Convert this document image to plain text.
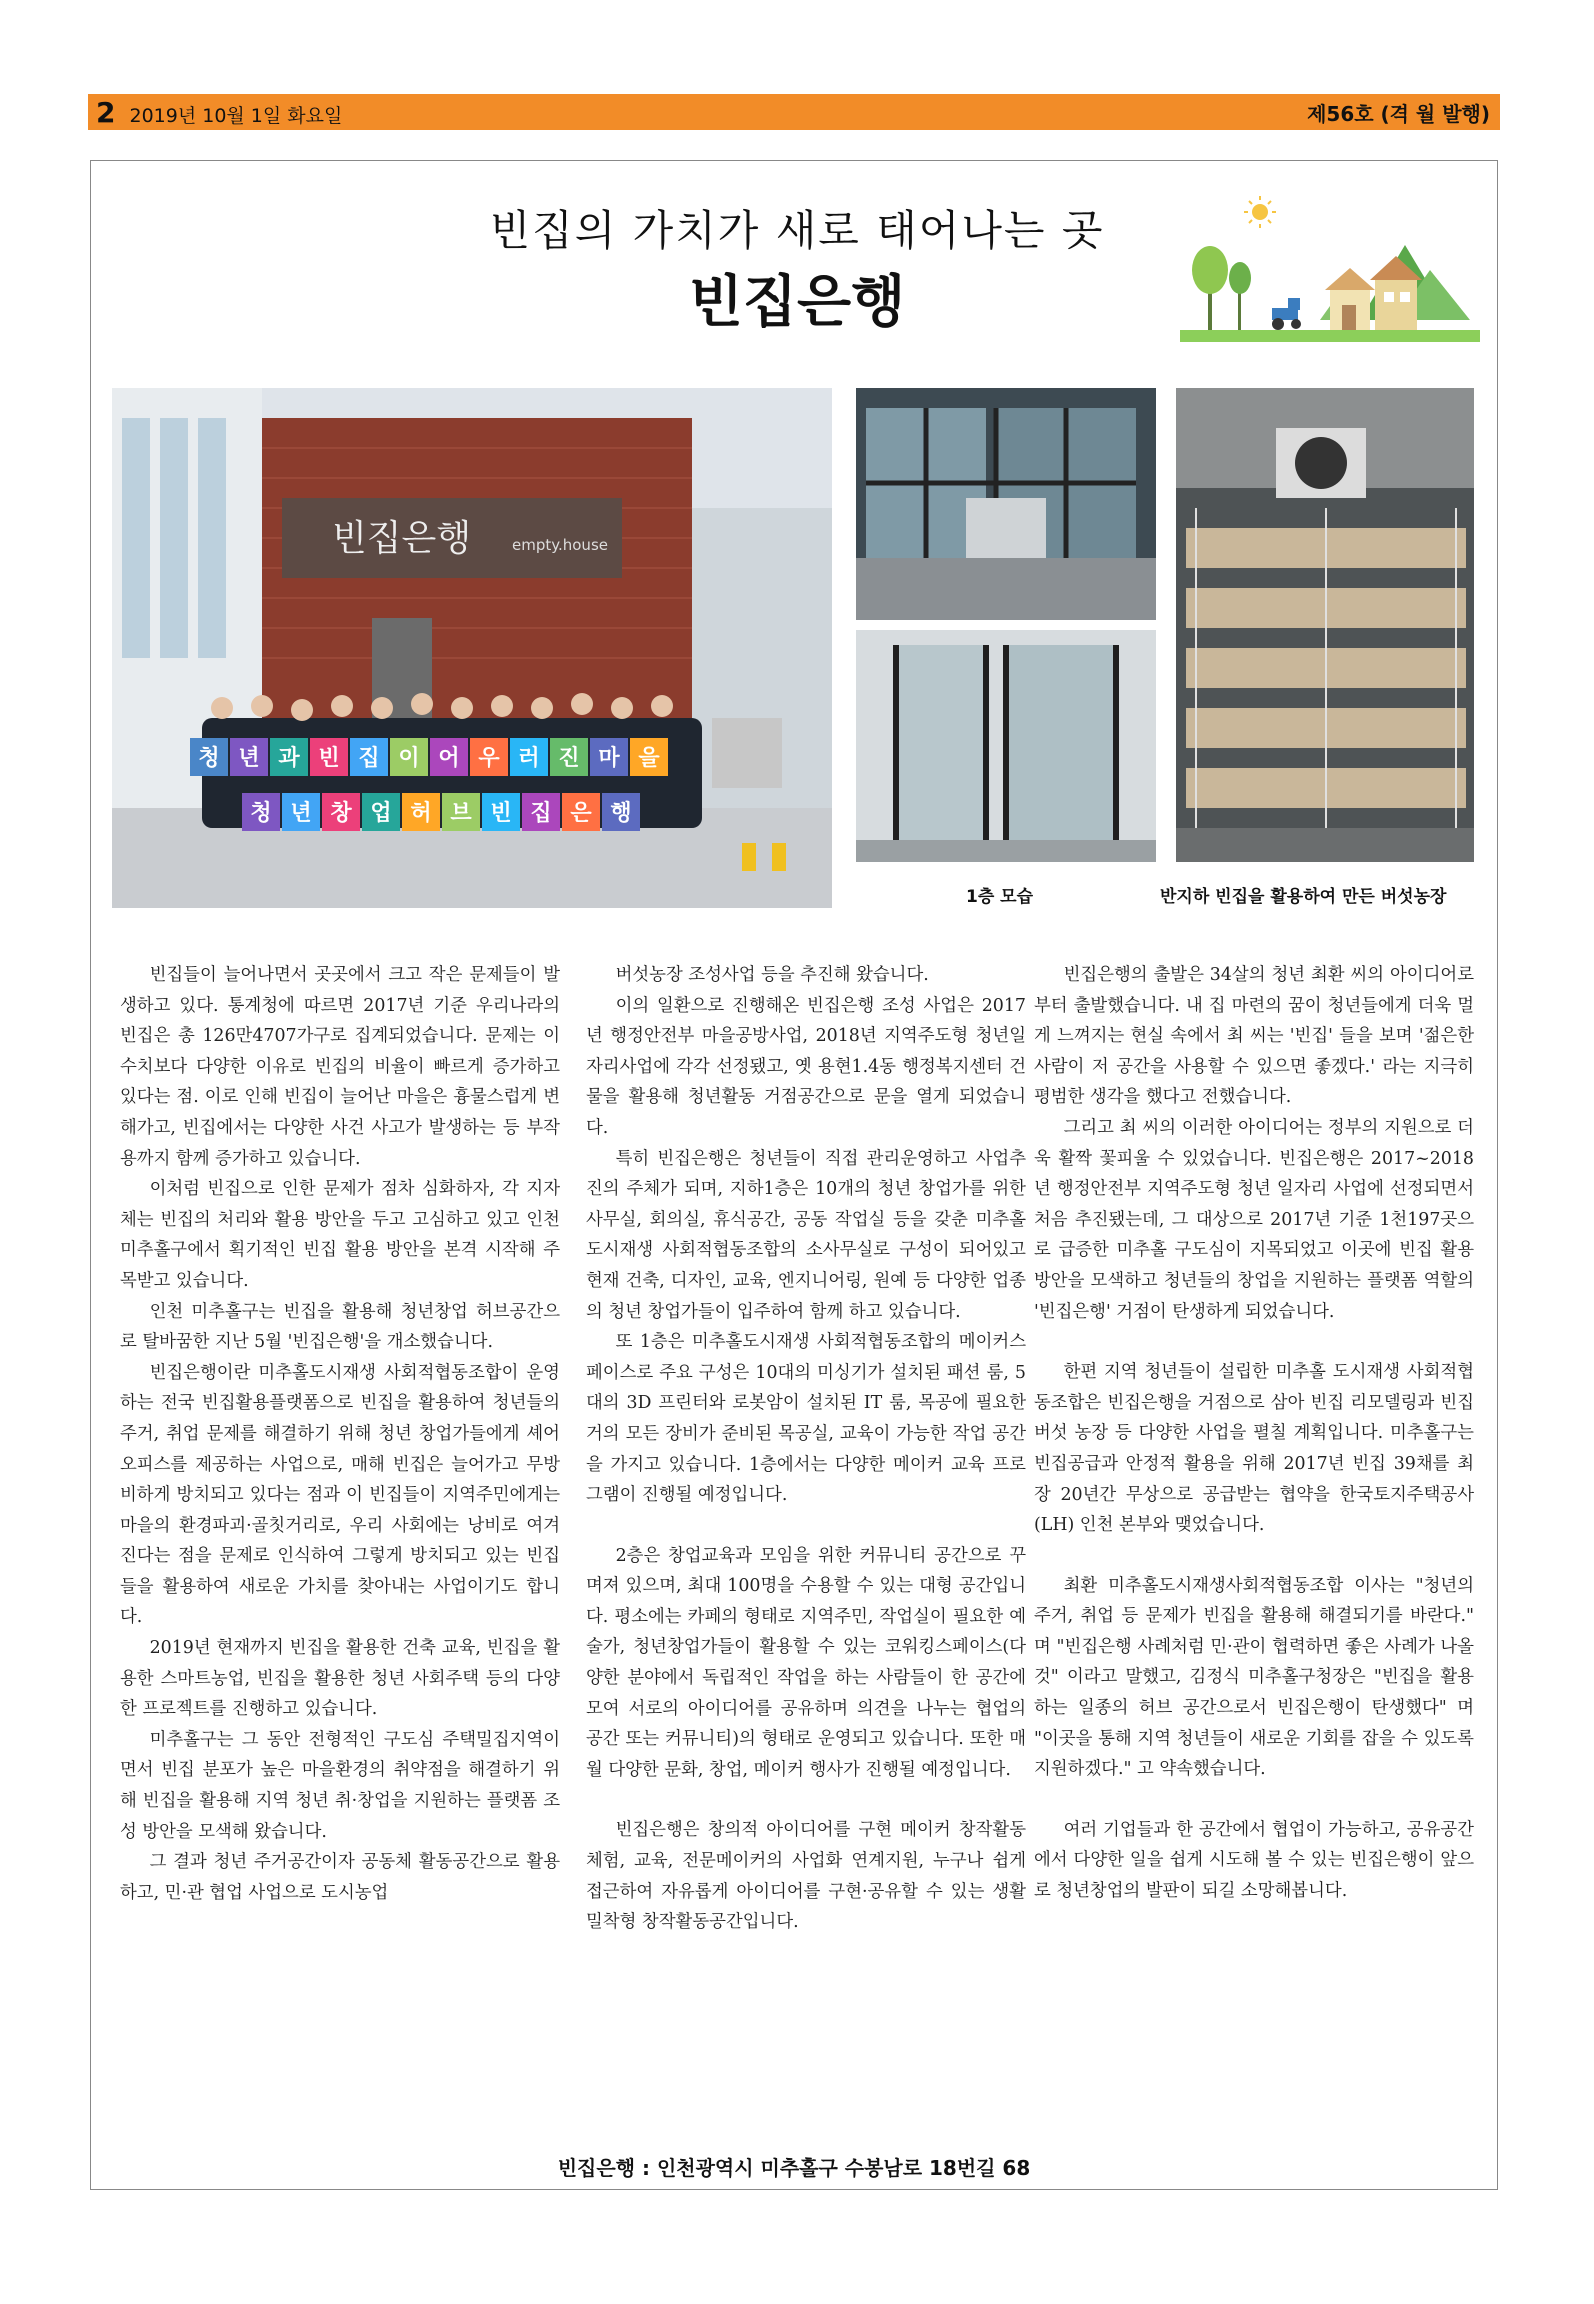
2 2019년 10월 1일 화요일	제56호 (격 월 발행)
빈집의 가치가 새로 태어나는 곳
빈집은행
빈집은행	empty.house
청 년 과 빈 집 이 어 우 러 진 마 을
청 년 창 업 허 브 빈 집 은 행
1층 모습	반지하 빈집을 활용하여 만든 버섯농장

빈집들이 늘어나면서 곳곳에서 크고 작은 문제들이 발생하고 있다. 통계청에 따르면 2017년 기준 우리나라의 빈집은 총 126만4707가구로 집계되었습니다. 문제는 이 수치보다 다양한 이유로 빈집의 비율이 빠르게 증가하고 있다는 점. 이로 인해 빈집이 늘어난 마을은 흉물스럽게 변해가고, 빈집에서는 다양한 사건 사고가 발생하는 등 부작용까지 함께 증가하고 있습니다.

이처럼 빈집으로 인한 문제가 점차 심화하자, 각 지자체는 빈집의 처리와 활용 방안을 두고 고심하고 있고 인천 미추홀구에서 획기적인 빈집 활용 방안을 본격 시작해 주목받고 있습니다.

인천 미추홀구는 빈집을 활용해 청년창업 허브공간으로 탈바꿈한 지난 5월 '빈집은행'을 개소했습니다.

빈집은행이란 미추홀도시재생 사회적협동조합이 운영하는 전국 빈집활용플랫폼으로 빈집을 활용하여 청년들의 주거, 취업 문제를 해결하기 위해 청년 창업가들에게 셰어오피스를 제공하는 사업으로, 매해 빈집은 늘어가고 무방비하게 방치되고 있다는 점과 이 빈집들이 지역주민에게는 마을의 환경파괴·골칫거리로, 우리 사회에는 낭비로 여겨진다는 점을 문제로 인식하여 그렇게 방치되고 있는 빈집들을 활용하여 새로운 가치를 찾아내는 사업이기도 합니다.

2019년 현재까지 빈집을 활용한 건축 교육, 빈집을 활용한 스마트농업, 빈집을 활용한 청년 사회주택 등의 다양한 프로젝트를 진행하고 있습니다.

미추홀구는 그 동안 전형적인 구도심 주택밀집지역이면서 빈집 분포가 높은 마을환경의 취약점을 해결하기 위해 빈집을 활용해 지역 청년 취·창업을 지원하는 플랫폼 조성 방안을 모색해 왔습니다.

그 결과 청년 주거공간이자 공동체 활동공간으로 활용하고, 민·관 협업 사업으로 도시농업

버섯농장 조성사업 등을 추진해 왔습니다.

이의 일환으로 진행해온 빈집은행 조성 사업은 2017년 행정안전부 마을공방사업, 2018년 지역주도형 청년일자리사업에 각각 선정됐고, 옛 용현1.4동 행정복지센터 건물을 활용해 청년활동 거점공간으로 문을 열게 되었습니다.

특히 빈집은행은 청년들이 직접 관리운영하고 사업추진의 주체가 되며, 지하1층은 10개의 청년 창업가를 위한 사무실, 회의실, 휴식공간, 공동 작업실 등을 갖춘 미추홀도시재생 사회적협동조합의 소사무실로 구성이 되어있고 현재 건축, 디자인, 교육, 엔지니어링, 원예 등 다양한 업종의 청년 창업가들이 입주하여 함께 하고 있습니다.

또 1층은 미추홀도시재생 사회적협동조합의 메이커스페이스로 주요 구성은 10대의 미싱기가 설치된 패션 룸, 5대의 3D 프린터와 로봇암이 설치된 IT 룸, 목공에 필요한 거의 모든 장비가 준비된 목공실, 교육이 가능한 작업 공간을 가지고 있습니다. 1층에서는 다양한 메이커 교육 프로그램이 진행될 예정입니다.

2층은 창업교육과 모임을 위한 커뮤니티 공간으로 꾸며져 있으며, 최대 100명을 수용할 수 있는 대형 공간입니다. 평소에는 카페의 형태로 지역주민, 작업실이 필요한 예술가, 청년창업가들이 활용할 수 있는 코워킹스페이스(다양한 분야에서 독립적인 작업을 하는 사람들이 한 공간에 모여 서로의 아이디어를 공유하며 의견을 나누는 협업의 공간 또는 커뮤니티)의 형태로 운영되고 있습니다. 또한 매월 다양한 문화, 창업, 메이커 행사가 진행될 예정입니다.

빈집은행은 창의적 아이디어를 구현 메이커 창작활동 체험, 교육, 전문메이커의 사업화 연계지원, 누구나 쉽게 접근하여 자유롭게 아이디어를 구현·공유할 수 있는 생활밀착형 창작활동공간입니다.

빈집은행의 출발은 34살의 청년 최환 씨의 아이디어로부터 출발했습니다. 내 집 마련의 꿈이 청년들에게 더욱 멀게 느껴지는 현실 속에서 최 씨는 '빈집' 들을 보며 '젊은한 사람이 저 공간을 사용할 수 있으면 좋겠다.' 라는 지극히 평범한 생각을 했다고 전했습니다.

그리고 최 씨의 이러한 아이디어는 정부의 지원으로 더욱 활짝 꽃피울 수 있었습니다. 빈집은행은 2017~2018년 행정안전부 지역주도형 청년 일자리 사업에 선정되면서 처음 추진됐는데, 그 대상으로 2017년 기준 1천197곳으로 급증한 미추홀 구도심이 지목되었고 이곳에 빈집 활용 방안을 모색하고 청년들의 창업을 지원하는 플랫폼 역할의 '빈집은행' 거점이 탄생하게 되었습니다.

한편 지역 청년들이 설립한 미추홀 도시재생 사회적협동조합은 빈집은행을 거점으로 삼아 빈집 리모델링과 빈집 버섯 농장 등 다양한 사업을 펼칠 계획입니다. 미추홀구는 빈집공급과 안정적 활용을 위해 2017년 빈집 39채를 최장 20년간 무상으로 공급받는 협약을 한국토지주택공사(LH) 인천 본부와 맺었습니다.

최환 미추홀도시재생사회적협동조합 이사는 "청년의 주거, 취업 등 문제가 빈집을 활용해 해결되기를 바란다." 며 "빈집은행 사례처럼 민·관이 협력하면 좋은 사례가 나올 것" 이라고 말했고, 김정식 미추홀구청장은 "빈집을 활용하는 일종의 허브 공간으로서 빈집은행이 탄생했다" 며 "이곳을 통해 지역 청년들이 새로운 기회를 잡을 수 있도록 지원하겠다." 고 약속했습니다.

여러 기업들과 한 공간에서 협업이 가능하고, 공유공간에서 다양한 일을 쉽게 시도해 볼 수 있는 빈집은행이 앞으로 청년창업의 발판이 되길 소망해봅니다.

빈집은행 : 인천광역시 미추홀구 수봉남로 18번길 68
